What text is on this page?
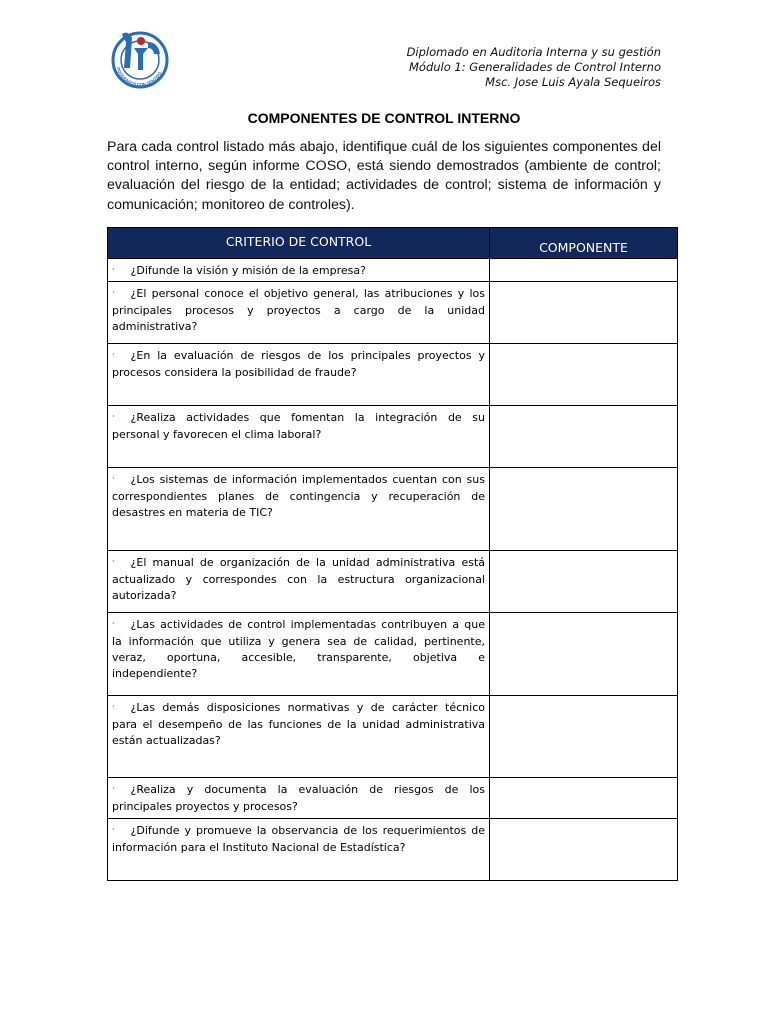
POSGRADOS CON SENTIDO
Diplomado en Auditoria Interna y su gestión
Módulo 1: Generalidades de Control Interno
Msc. Jose Luis Ayala Sequeiros
COMPONENTES DE CONTROL INTERNO
Para cada control listado más abajo, identifique cuál de los siguientes componentes del control interno, según informe COSO, está siendo demostrados (ambiente de control; evaluación del riesgo de la entidad; actividades de control; sistema de información y comunicación; monitoreo de controles).
CRITERIO DE CONTROL	COMPONENTE
· ¿Difunde la visión y misión de la empresa?	
· ¿El personal conoce el objetivo general, las atribuciones y los principales procesos y proyectos a cargo de la unidad administrativa?	
· ¿En la evaluación de riesgos de los principales proyectos y procesos considera la posibilidad de fraude?	
· ¿Realiza actividades que fomentan la integración de su personal y favorecen el clima laboral?	
· ¿Los sistemas de información implementados cuentan con sus correspondientes planes de contingencia y recuperación de desastres en materia de TIC?	
· ¿El manual de organización de la unidad administrativa está actualizado y correspondes con la estructura organizacional autorizada?	
· ¿Las actividades de control implementadas contribuyen a que la información que utiliza y genera sea de calidad, pertinente, veraz, oportuna, accesible, transparente, objetiva e independiente?	
· ¿Las demás disposiciones normativas y de carácter técnico para el desempeño de las funciones de la unidad administrativa están actualizadas?	
· ¿Realiza y documenta la evaluación de riesgos de los principales proyectos y procesos?	
· ¿Difunde y promueve la observancia de los requerimientos de información para el Instituto Nacional de Estadística?	
